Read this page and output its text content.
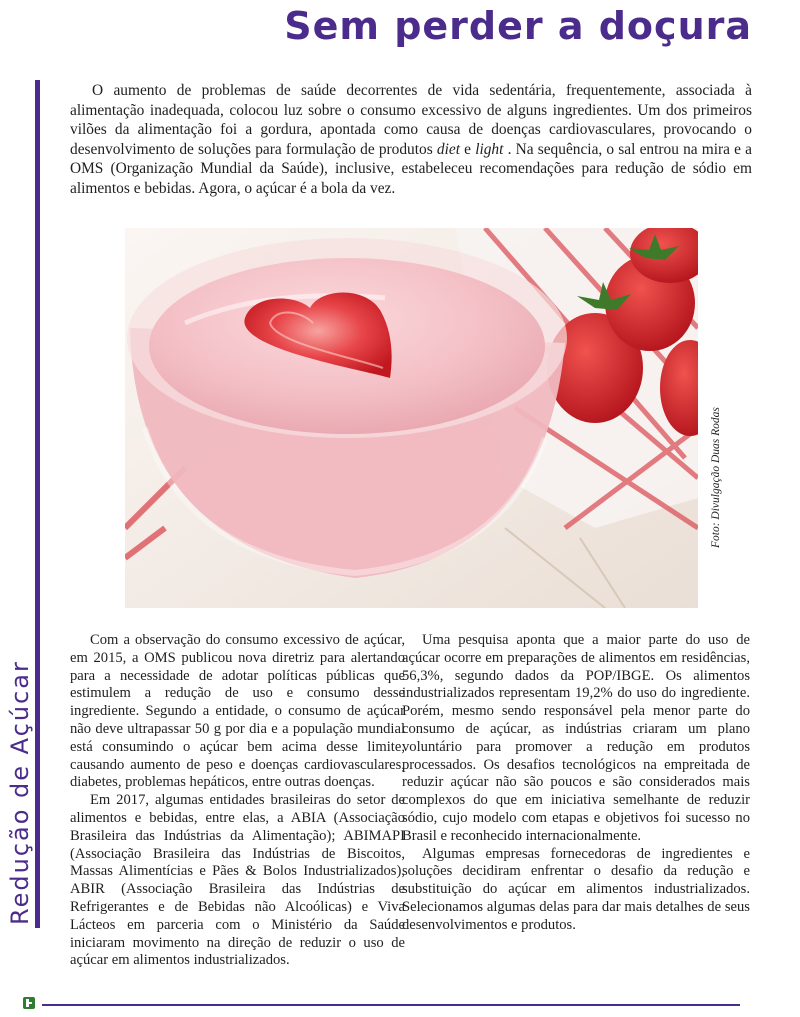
Sem perder a doçura
Redução de Açúcar

O aumento de problemas de saúde decorrentes de vida sedentária, frequentemente, associada à alimentação inadequada, colocou luz sobre o consumo excessivo de alguns ingredientes. Um dos primeiros vilões da alimentação foi a gordura, apontada como causa de doenças cardiovasculares, provocando o desenvolvimento de soluções para formulação de produtos diet e light . Na sequência, o sal entrou na mira e a OMS (Organização Mundial da Saúde), inclusive, estabeleceu recomendações para redução de sódio em alimentos e bebidas. Agora, o açúcar é a bola da vez.

Foto: Divulgação Duas Rodas

Com a observação do consumo excessivo de açúcar, em 2015, a OMS publicou nova diretriz para alertando para a necessidade de adotar políticas públicas que estimulem a redução de uso e consumo desse ingrediente. Segundo a entidade, o consumo de açúcar não deve ultrapassar 50 g por dia e a população mundial está consumindo o açúcar bem acima desse limite, causando aumento de peso e doenças cardiovasculares, diabetes, problemas hepáticos, entre outras doenças.

Em 2017, algumas entidades brasileiras do setor de alimentos e bebidas, entre elas, a ABIA (Associação Brasileira das Indústrias da Alimentação); ABIMAPI (Associação Brasileira das Indústrias de Biscoitos, Massas Alimentícias e Pães & Bolos Industrializados), ABIR (Associação Brasileira das Indústrias de Refrigerantes e de Bebidas não Alcoólicas) e Viva Lácteos em parceria com o Ministério da Saúde iniciaram movimento na direção de reduzir o uso de açúcar em alimentos industrializados.

Uma pesquisa aponta que a maior parte do uso de açúcar ocorre em preparações de alimentos em residências, 56,3%, segundo dados da POP/IBGE. Os alimentos industrializados representam 19,2% do uso do ingrediente. Porém, mesmo sendo responsável pela menor parte do consumo de açúcar, as indústrias criaram um plano voluntário para promover a redução em produtos processados. Os desafios tecnológicos na empreitada de reduzir açúcar não são poucos e são considerados mais complexos do que em iniciativa semelhante de reduzir sódio, cujo modelo com etapas e objetivos foi sucesso no Brasil e reconhecido internacionalmente.

Algumas empresas fornecedoras de ingredientes e soluções decidiram enfrentar o desafio da redução e substituição do açúcar em alimentos industrializados. Selecionamos algumas delas para dar mais detalhes de seus desenvolvimentos e produtos.
